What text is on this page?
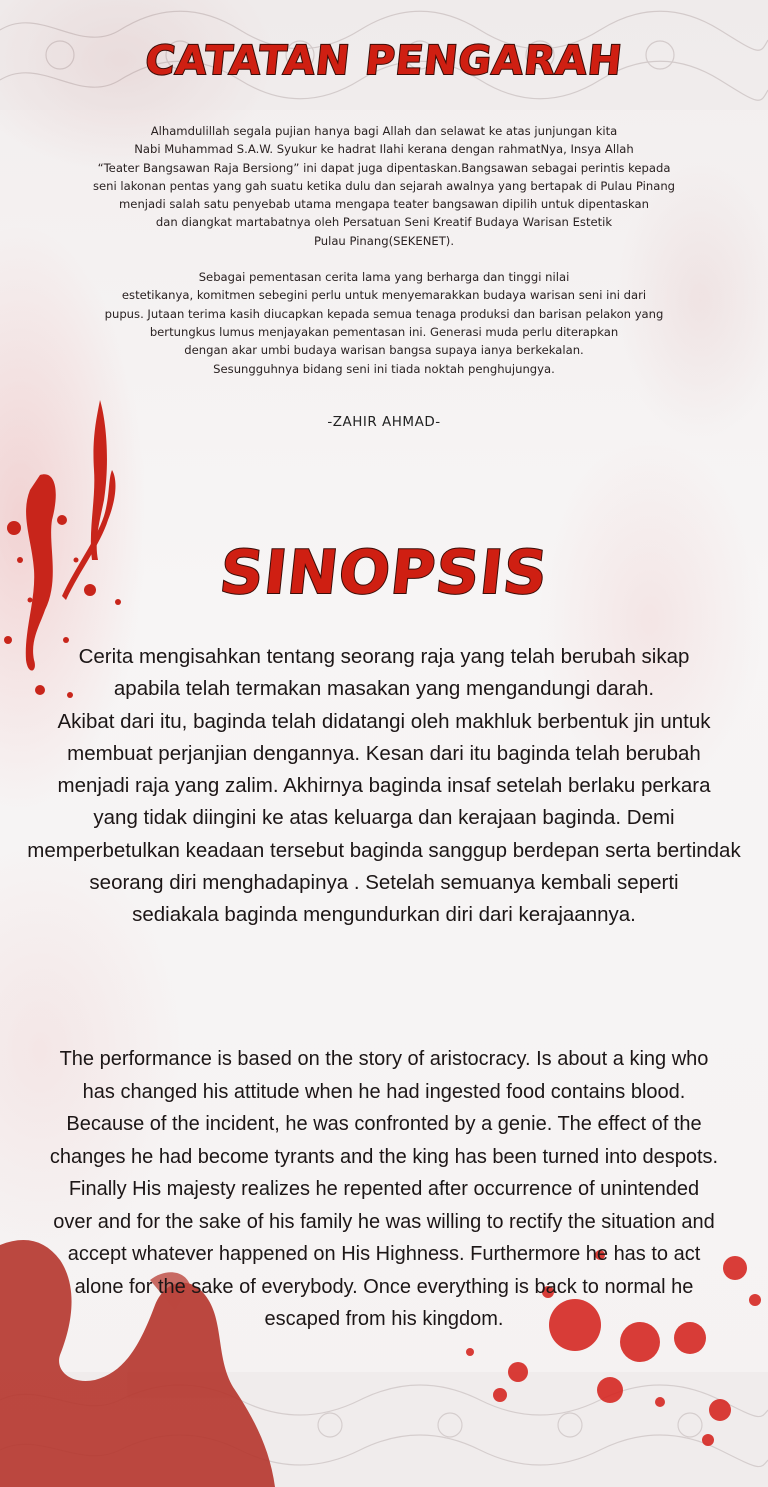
CATATAN PENGARAH
Alhamdulillah segala pujian hanya bagi Allah dan selawat ke atas junjungan kita
Nabi Muhammad S.A.W. Syukur ke hadrat Ilahi kerana dengan rahmatNya, Insya Allah
“Teater Bangsawan Raja Bersiong” ini dapat juga dipentaskan.Bangsawan sebagai perintis kepada
seni lakonan pentas yang gah suatu ketika dulu dan sejarah awalnya yang bertapak di Pulau Pinang
menjadi salah satu penyebab utama mengapa teater bangsawan dipilih untuk dipentaskan
dan diangkat martabatnya oleh Persatuan Seni Kreatif Budaya Warisan Estetik
Pulau Pinang(SEKENET).
Sebagai pementasan cerita lama yang berharga dan tinggi nilai
estetikanya, komitmen sebegini perlu untuk menyemarakkan budaya warisan seni ini dari
pupus. Jutaan terima kasih diucapkan kepada semua tenaga produksi dan barisan pelakon yang
bertungkus lumus menjayakan pementasan ini. Generasi muda perlu diterapkan
dengan akar umbi budaya warisan bangsa supaya ianya berkekalan.
Sesungguhnya bidang seni ini tiada noktah penghujungya.
-ZAHIR AHMAD-
SINOPSIS
Cerita mengisahkan tentang seorang raja yang telah berubah sikap
apabila telah termakan masakan yang mengandungi darah.
Akibat dari itu, baginda telah didatangi oleh makhluk berbentuk jin untuk
membuat perjanjian dengannya. Kesan dari itu baginda telah berubah
menjadi raja yang zalim. Akhirnya baginda insaf setelah berlaku perkara
yang tidak diingini ke atas keluarga dan kerajaan baginda. Demi
memperbetulkan keadaan tersebut baginda sanggup berdepan serta bertindak
seorang diri menghadapinya . Setelah semuanya kembali seperti
sediakala baginda mengundurkan diri dari kerajaannya.
The performance is based on the story of aristocracy. Is about a king who
has changed his attitude when he had ingested food contains blood.
Because of the incident, he was confronted by a genie. The effect of the
changes he had become tyrants and the king has been turned into despots.
Finally His majesty realizes he repented after occurrence of unintended
over and for the sake of his family he was willing to rectify the situation and
accept whatever happened on His Highness. Furthermore he has to act
alone for the sake of everybody. Once everything is back to normal he
escaped from his kingdom.
